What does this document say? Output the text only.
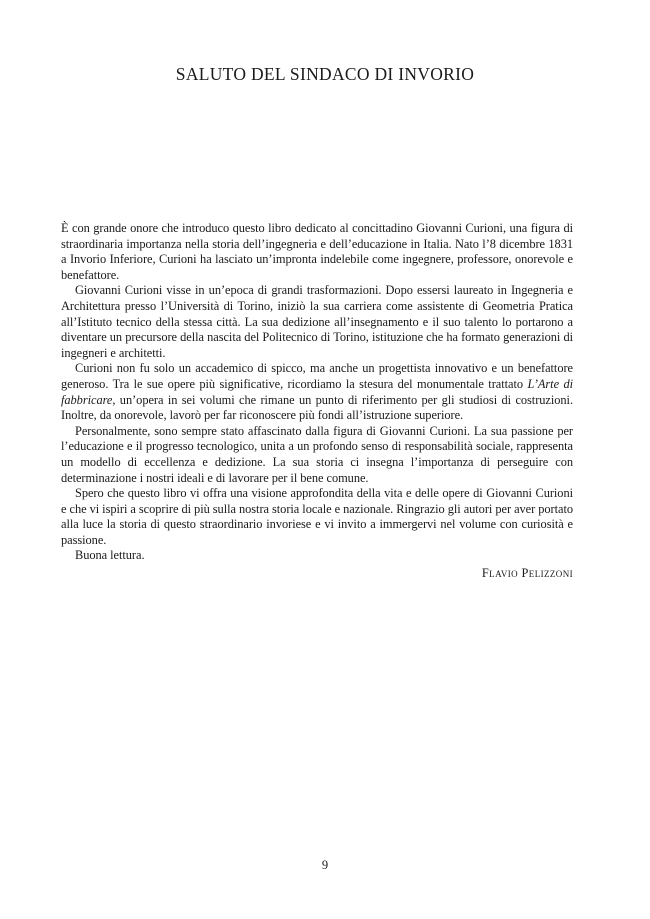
SALUTO DEL SINDACO DI INVORIO

È con grande onore che introduco questo libro dedicato al concittadino Giovanni Curioni, una figura di straordinaria importanza nella storia dell’ingegneria e dell’educazione in Italia. Nato l’8 dicembre 1831 a Invorio Inferiore, Curioni ha lasciato un’impronta indelebile come ingegnere, professore, onorevole e benefattore.

Giovanni Curioni visse in un’epoca di grandi trasformazioni. Dopo essersi laureato in Ingegneria e Architettura presso l’Università di Torino, iniziò la sua carriera come assistente di Geometria Pratica all’Istituto tecnico della stessa città. La sua dedizione all’insegnamento e il suo talento lo portarono a diventare un precursore della nascita del Politecnico di Torino, istituzione che ha formato generazioni di ingegneri e architetti.

Curioni non fu solo un accademico di spicco, ma anche un progettista innovativo e un benefattore generoso. Tra le sue opere più significative, ricordiamo la stesura del monumentale trattato L’Arte di fabbricare, un’opera in sei volumi che rimane un punto di riferimento per gli studiosi di costruzioni. Inoltre, da onorevole, lavorò per far riconoscere più fondi all’istruzione superiore.

Personalmente, sono sempre stato affascinato dalla figura di Giovanni Curioni. La sua passione per l’educazione e il progresso tecnologico, unita a un profondo senso di responsabilità sociale, rappresenta un modello di eccellenza e dedizione. La sua storia ci insegna l’importanza di perseguire con determinazione i nostri ideali e di lavorare per il bene comune.

Spero che questo libro vi offra una visione approfondita della vita e delle opere di Giovanni Curioni e che vi ispiri a scoprire di più sulla nostra storia locale e nazionale. Ringrazio gli autori per aver portato alla luce la storia di questo straordinario invoriese e vi invito a immergervi nel volume con curiosità e passione.

Buona lettura.

Flavio Pelizzoni
9
